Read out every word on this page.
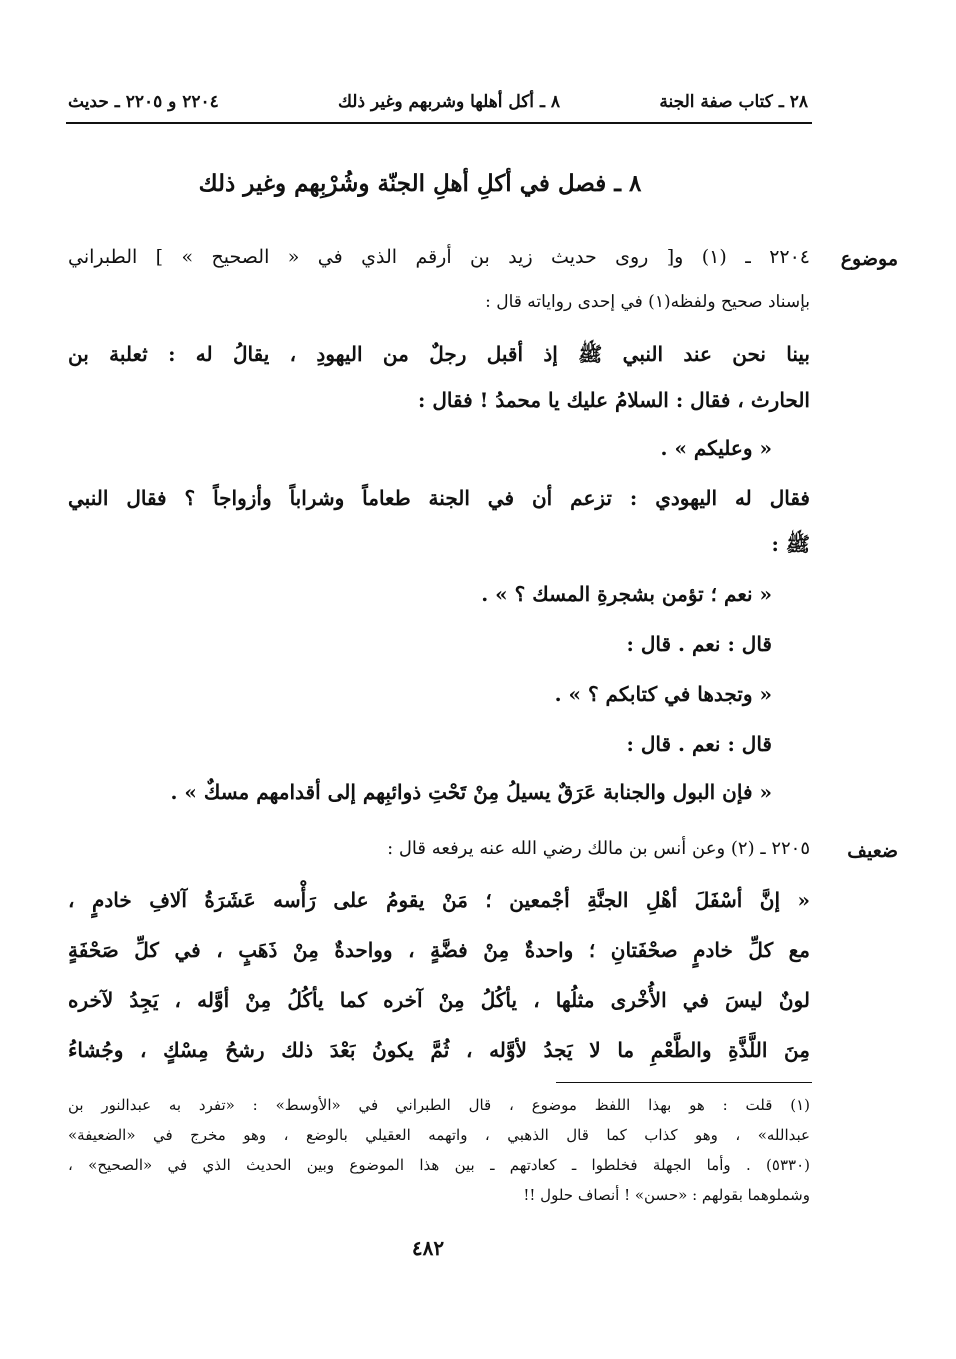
٢٨ ـ كتاب صفة الجنة
٨ ـ أكل أهلها وشربهم وغير ذلك
٢٢٠٤ و ٢٢٠٥ ـ حديث
٨ ـ فصل في أكلِ أهلِ الجنّة وشُرْبِهم وغير ذلك
موضوع
٢٢٠٤ ـ (١) و[ روى حديث زيد بن أرقم الذي في « الصحيح » ] الطبراني
بإسناد صحيح ولفظه(١) في إحدى رواياته قال :
بينا نحن عند النبي ﷺ إذ أقبل رجلٌ من اليهودِ ، يقالُ له : ثعلبة بن
الحارث ، فقال : السلامُ عليك يا محمدُ ! فقال :
« وعليكم » .
فقال له اليهودي : تزعم أن في الجنة طعاماً وشراباً وأزواجاً ؟ فقال النبي
ﷺ :
« نعم ؛ تؤمن بشجرةِ المسك ؟ » .
قال : نعم . قال :
« وتجدها في كتابكم ؟ » .
قال : نعم . قال :
« فإن البول والجنابة عَرَقٌ يسيلُ مِنْ تَحْتِ ذوائبِهم إلى أقدامهم مسكٌ » .
ضعيف
٢٢٠٥ ـ (٢) وعن أنس بن مالك رضي الله عنه يرفعه قال :
« إنَّ أسْفَلَ أهْلِ الجنَّةِ أجْمعين ؛ مَنْ يقومُ على رَأْسه عَشَرَةُ آلافِ خادمٍ ،
مع كلِّ خادمٍ صحْفَتانِ ؛ واحدةٌ مِنْ فضَّةٍ ، وواحدةٌ مِنْ ذَهَبٍ ، في كلِّ صَحْفَةٍ
لونٌ ليسَ في الأُخْرى مثلُها ، يأكُلُ مِنْ آخره كما يأكُلُ مِنْ أوَّله ، يَجِدُ لآخره
مِنَ اللَّذَّةِ والطَّعْمِ ما لا يَجدُ لأوَّله ، ثُمَّ يكونُ بَعْدَ ذلك رشحُ مِسْكٍ ، وجُشاءُ
(١) قلت : هو بهذا اللفظ موضوع ، قال الطبراني في «الأوسط» : «تفرد به عبدالنور بن
عبدالله» ، وهو كذاب كما قال الذهبي ، واتهمه العقيلي بالوضع ، وهو مخرج في «الضعيفة»
(٥٣٣٠) . وأما الجهلة فخلطوا ـ كعادتهم ـ بين هذا الموضوع وبين الحديث الذي في «الصحيح» ،
وشملوهما بقولهم : «حسن» ! أنصاف حلول !!
٤٨٢
